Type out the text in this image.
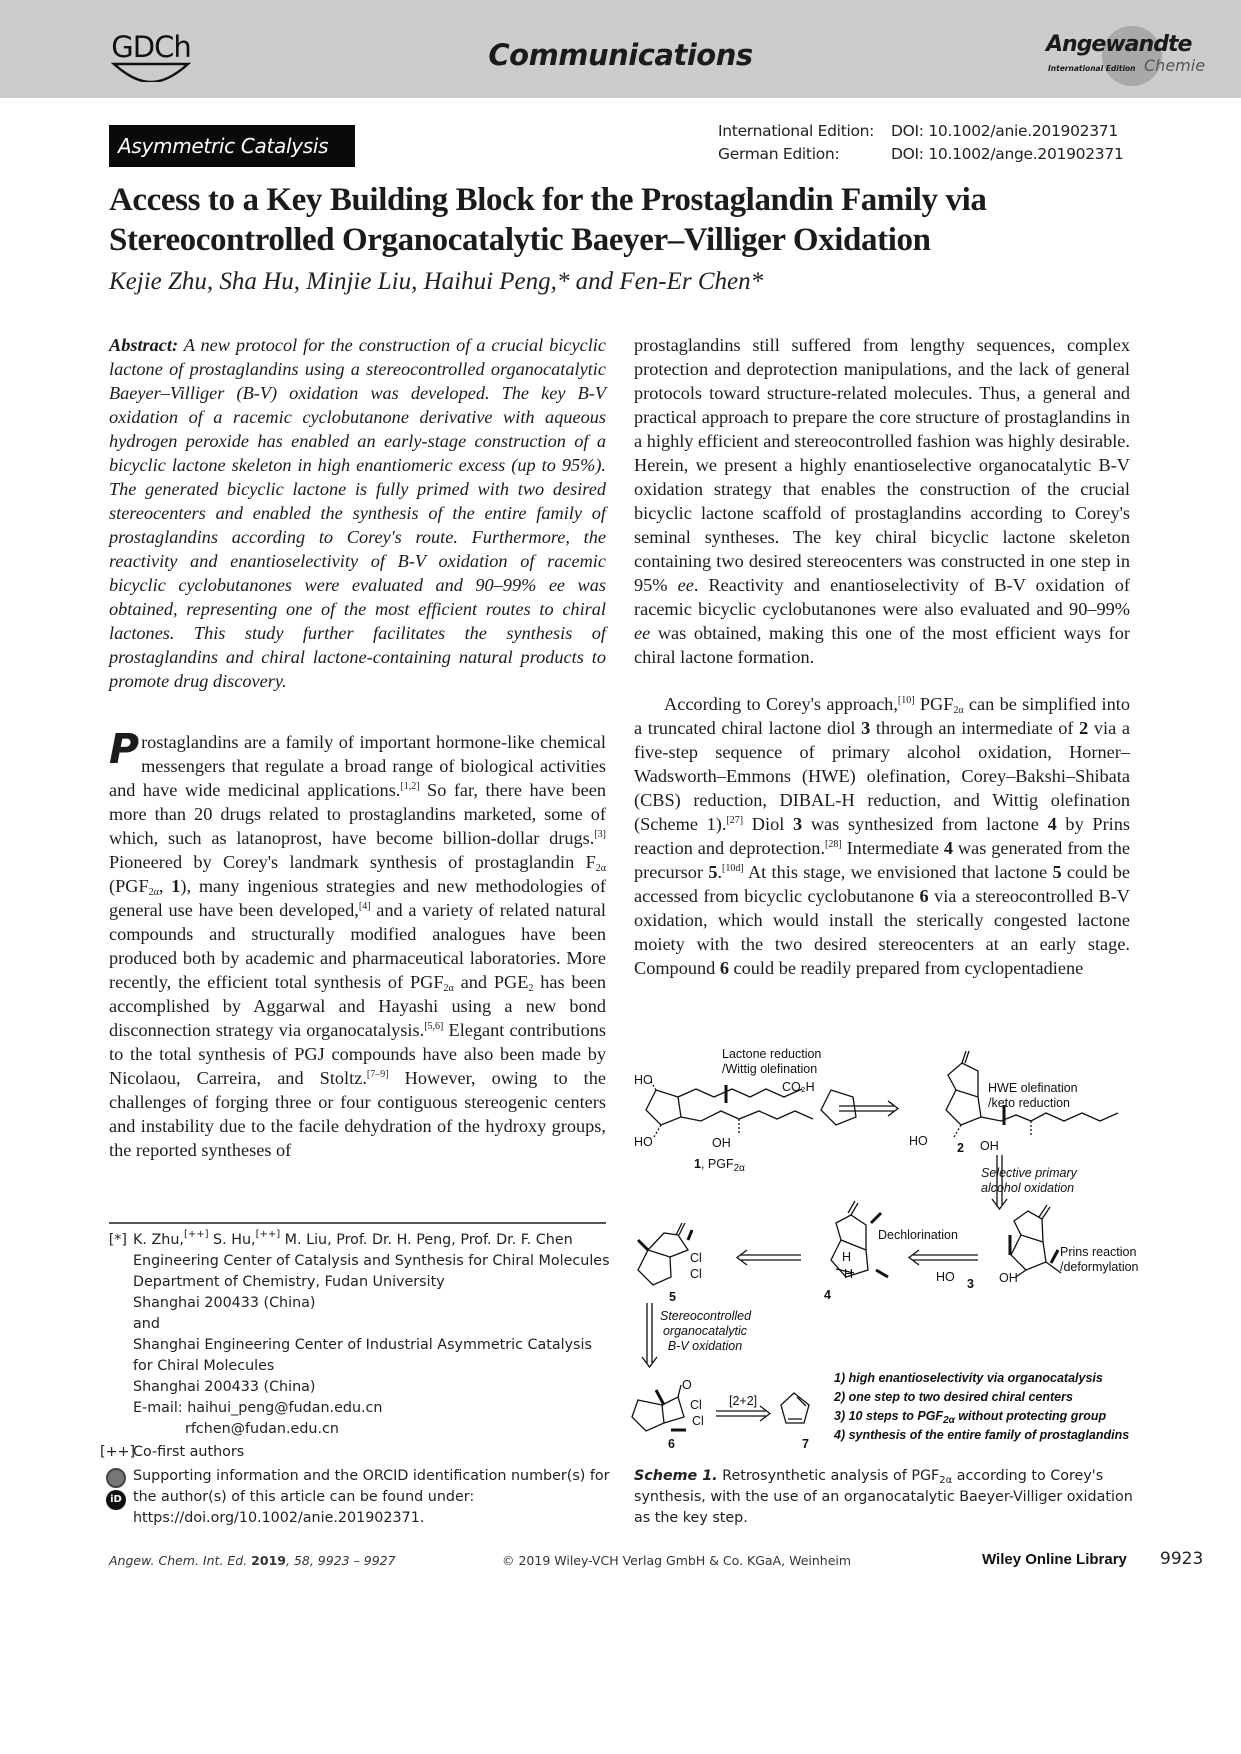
GDCh	Communications	Angewandte
International Edition Chemie
Asymmetric Catalysis
International Edition:	DOI: 10.1002/anie.201902371
German Edition:	DOI: 10.1002/ange.201902371
Access to a Key Building Block for the Prostaglandin Family via Stereocontrolled Organocatalytic Baeyer–Villiger Oxidation
Kejie Zhu, Sha Hu, Minjie Liu, Haihui Peng,* and Fen-Er Chen*
Abstract: A new protocol for the construction of a crucial bicyclic lactone of prostaglandins using a stereocontrolled organocatalytic Baeyer–Villiger (B-V) oxidation was developed. The key B-V oxidation of a racemic cyclobutanone derivative with aqueous hydrogen peroxide has enabled an early-stage construction of a bicyclic lactone skeleton in high enantiomeric excess (up to 95%). The generated bicyclic lactone is fully primed with two desired stereocenters and enabled the synthesis of the entire family of prostaglandins according to Corey's route. Furthermore, the reactivity and enantioselectivity of B-V oxidation of racemic bicyclic cyclobutanones were evaluated and 90–99% ee was obtained, representing one of the most efficient routes to chiral lactones. This study further facilitates the synthesis of prostaglandins and chiral lactone-containing natural products to promote drug discovery.
Prostaglandins are a family of important hormone-like chemical messengers that regulate a broad range of biological activities and have wide medicinal applications.[1,2] So far, there have been more than 20 drugs related to prostaglandins marketed, some of which, such as latanoprost, have become billion-dollar drugs.[3] Pioneered by Corey's landmark synthesis of prostaglandin $F_{2\alpha}$ ($PGF_{2\alpha}$, 1), many ingenious strategies and new methodologies of general use have been developed,[4] and a variety of related natural compounds and structurally modified analogues have been produced both by academic and pharmaceutical laboratories. More recently, the efficient total synthesis of $PGF_{2\alpha}$ and $PGE_2$ has been accomplished by Aggarwal and Hayashi using a new bond disconnection strategy via organocatalysis.[5,6] Elegant contributions to the total synthesis of PGJ compounds have also been made by Nicolaou, Carreira, and Stoltz.[7–9] However, owing to the challenges of forging three or four contiguous stereogenic centers and instability due to the facile dehydration of the hydroxy groups, the reported syntheses of
prostaglandins still suffered from lengthy sequences, complex protection and deprotection manipulations, and the lack of general protocols toward structure-related molecules. Thus, a general and practical approach to prepare the core structure of prostaglandins in a highly efficient and stereocontrolled fashion was highly desirable. Herein, we present a highly enantioselective organocatalytic B-V oxidation strategy that enables the construction of the crucial bicyclic lactone scaffold of prostaglandins according to Corey's seminal syntheses. The key chiral bicyclic lactone skeleton containing two desired stereocenters was constructed in one step in 95% ee. Reactivity and enantioselectivity of B-V oxidation of racemic bicyclic cyclobutanones were also evaluated and 90–99% ee was obtained, making this one of the most efficient ways for chiral lactone formation.
According to Corey's approach,[10] $PGF_{2\alpha}$ can be simplified into a truncated chiral lactone diol 3 through an intermediate of 2 via a five-step sequence of primary alcohol oxidation, Horner–Wadsworth–Emmons (HWE) olefination, Corey–Bakshi–Shibata (CBS) reduction, DIBAL-H reduction, and Wittig olefination (Scheme 1).[27] Diol 3 was synthesized from lactone 4 by Prins reaction and deprotection.[28] Intermediate 4 was generated from the precursor 5.[10d] At this stage, we envisioned that lactone 5 could be accessed from bicyclic cyclobutanone 6 via a stereocontrolled B-V oxidation, which would install the sterically congested lactone moiety with the two desired stereocenters at an early stage. Compound 6 could be readily prepared from cyclopentadiene
[*] K. Zhu,[++] S. Hu,[++] M. Liu, Prof. Dr. H. Peng, Prof. Dr. F. Chen
Engineering Center of Catalysis and Synthesis for Chiral Molecules
Department of Chemistry, Fudan University
Shanghai 200433 (China)
and
Shanghai Engineering Center of Industrial Asymmetric Catalysis for Chiral Molecules
Shanghai 200433 (China)
E-mail: haihui_peng@fudan.edu.cn
rfchen@fudan.edu.cn
[++]
Co-first authors
iD
Supporting information and the ORCID identification number(s) for the author(s) of this article can be found under:
https://doi.org/10.1002/anie.201902371.
Lactone reduction
/Wittig olefination
CO₂H
HO
HO	OH
1, $PGF_{2\alpha}$
HWE olefination
/keto reduction
HO 2 OH
Selective primary
alcohol oxidation
Prins reaction
/deformylation
HO 3 OH
Dechlorination
H
H
4
Cl
Cl
5
Stereocontrolled
organocatalytic
B-V oxidation
O
Cl
Cl
[2+2]
6	7
1) high enantioselectivity via organocatalysis
2) one step to two desired chiral centers
3) 10 steps to $PGF_{2\alpha}$ without protecting group
4) synthesis of the entire family of prostaglandins
Scheme 1. Retrosynthetic analysis of $PGF_{2\alpha}$ according to Corey's synthesis, with the use of an organocatalytic Baeyer-Villiger oxidation as the key step.
Angew. Chem. Int. Ed. 2019, 58, 9923 – 9927	© 2019 Wiley-VCH Verlag GmbH & Co. KGaA, Weinheim	Wiley Online Library 9923
